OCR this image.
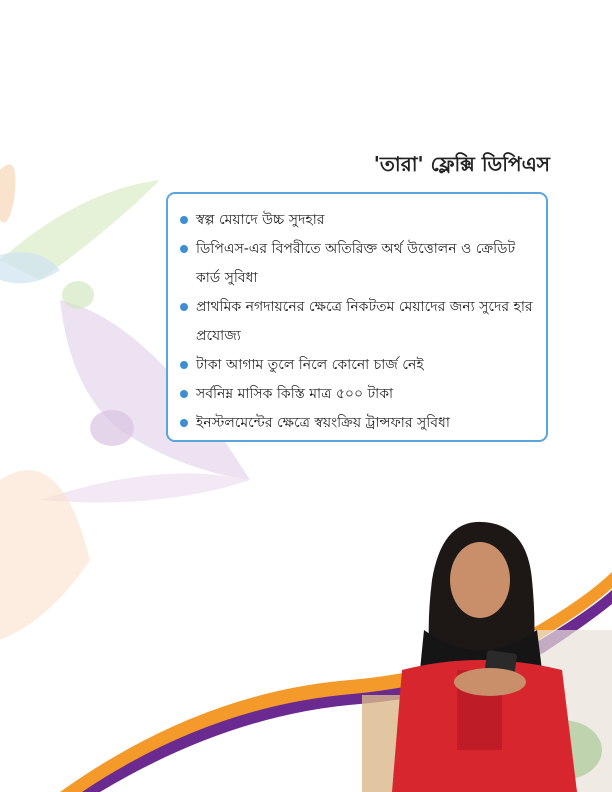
'তারা' ফ্লেক্সি ডিপিএস
স্বল্প মেয়াদে উচ্চ সুদহার
ডিপিএস-এর বিপরীতে অতিরিক্ত অর্থ উত্তোলন ও ক্রেডিট কার্ড সুবিধা
প্রাথমিক নগদায়নের ক্ষেত্রে নিকটতম মেয়াদের জন্য সুদের হার প্রযোজ্য
টাকা আগাম তুলে নিলে কোনো চার্জ নেই
সর্বনিম্ন মাসিক কিস্তি মাত্র ৫০০ টাকা
ইনস্টলমেন্টের ক্ষেত্রে স্বয়ংক্রিয় ট্রান্সফার সুবিধা
